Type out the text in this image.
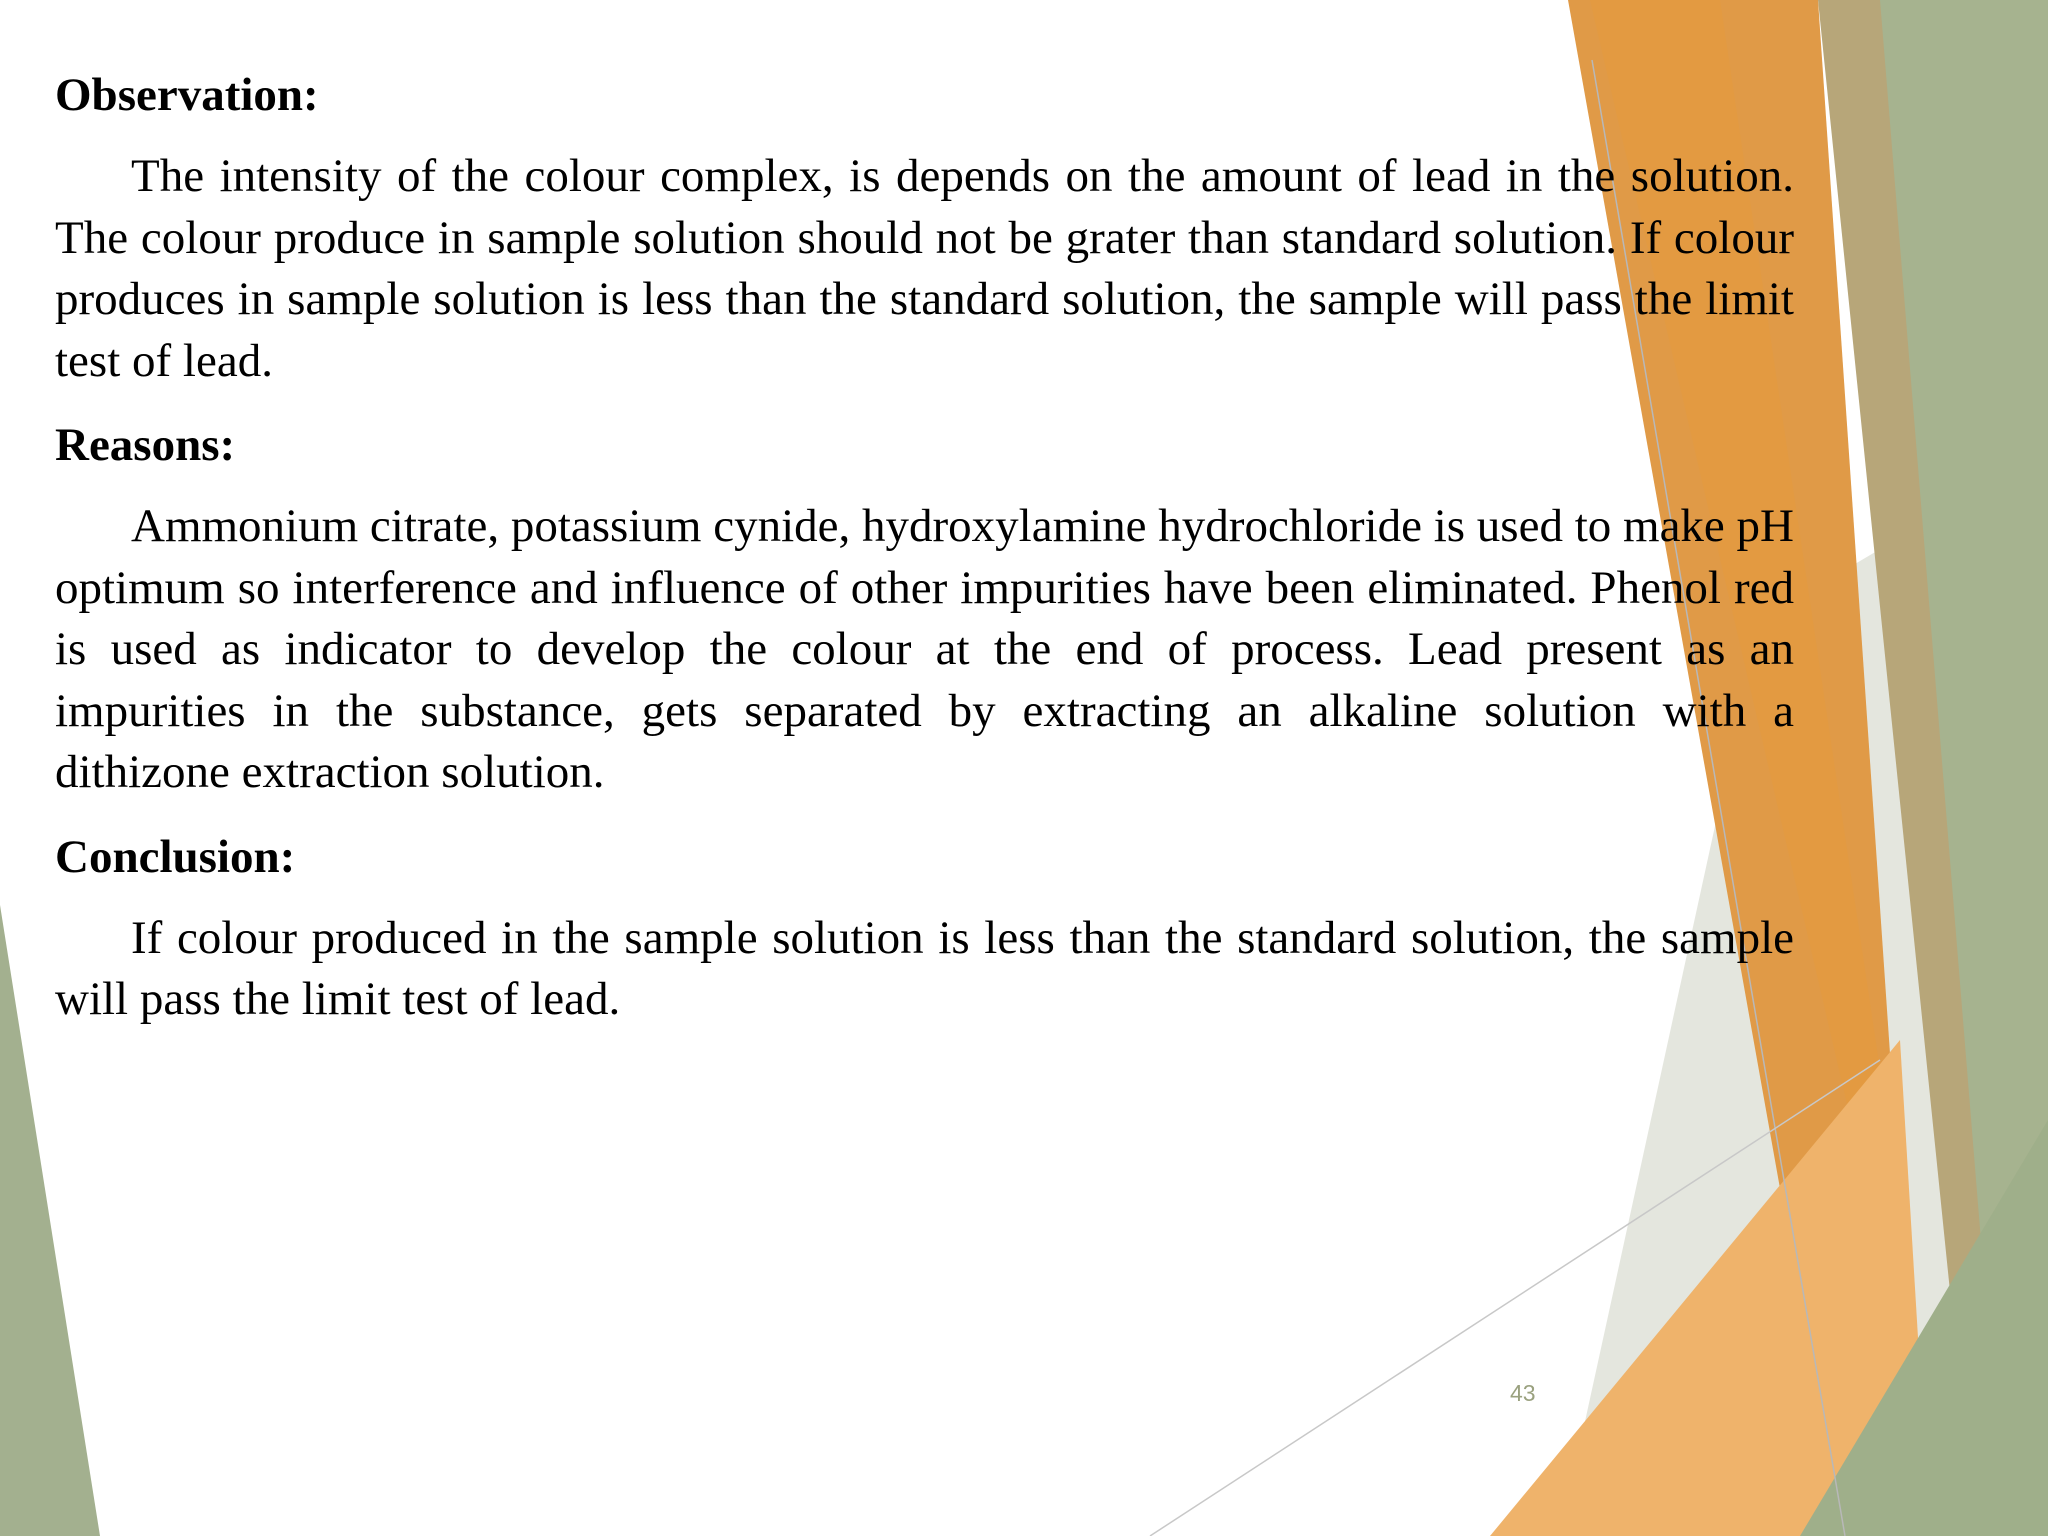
Observation:

The intensity of the colour complex, is depends on the amount of lead in the solution. The colour produce in sample solution should not be grater than standard solution. If colour produces in sample solution is less than the standard solution, the sample will pass the limit test of lead.

Reasons:

Ammonium citrate, potassium cynide, hydroxylamine hydrochloride is used to make pH optimum so interference and influence of other impurities have been eliminated. Phenol red is used as indicator to develop the colour at the end of process. Lead present as an impurities in the substance, gets separated by extracting an alkaline solution with a dithizone extraction solution.

Conclusion:

If colour produced in the sample solution is less than the standard solution, the sample will pass the limit test of lead.

43
